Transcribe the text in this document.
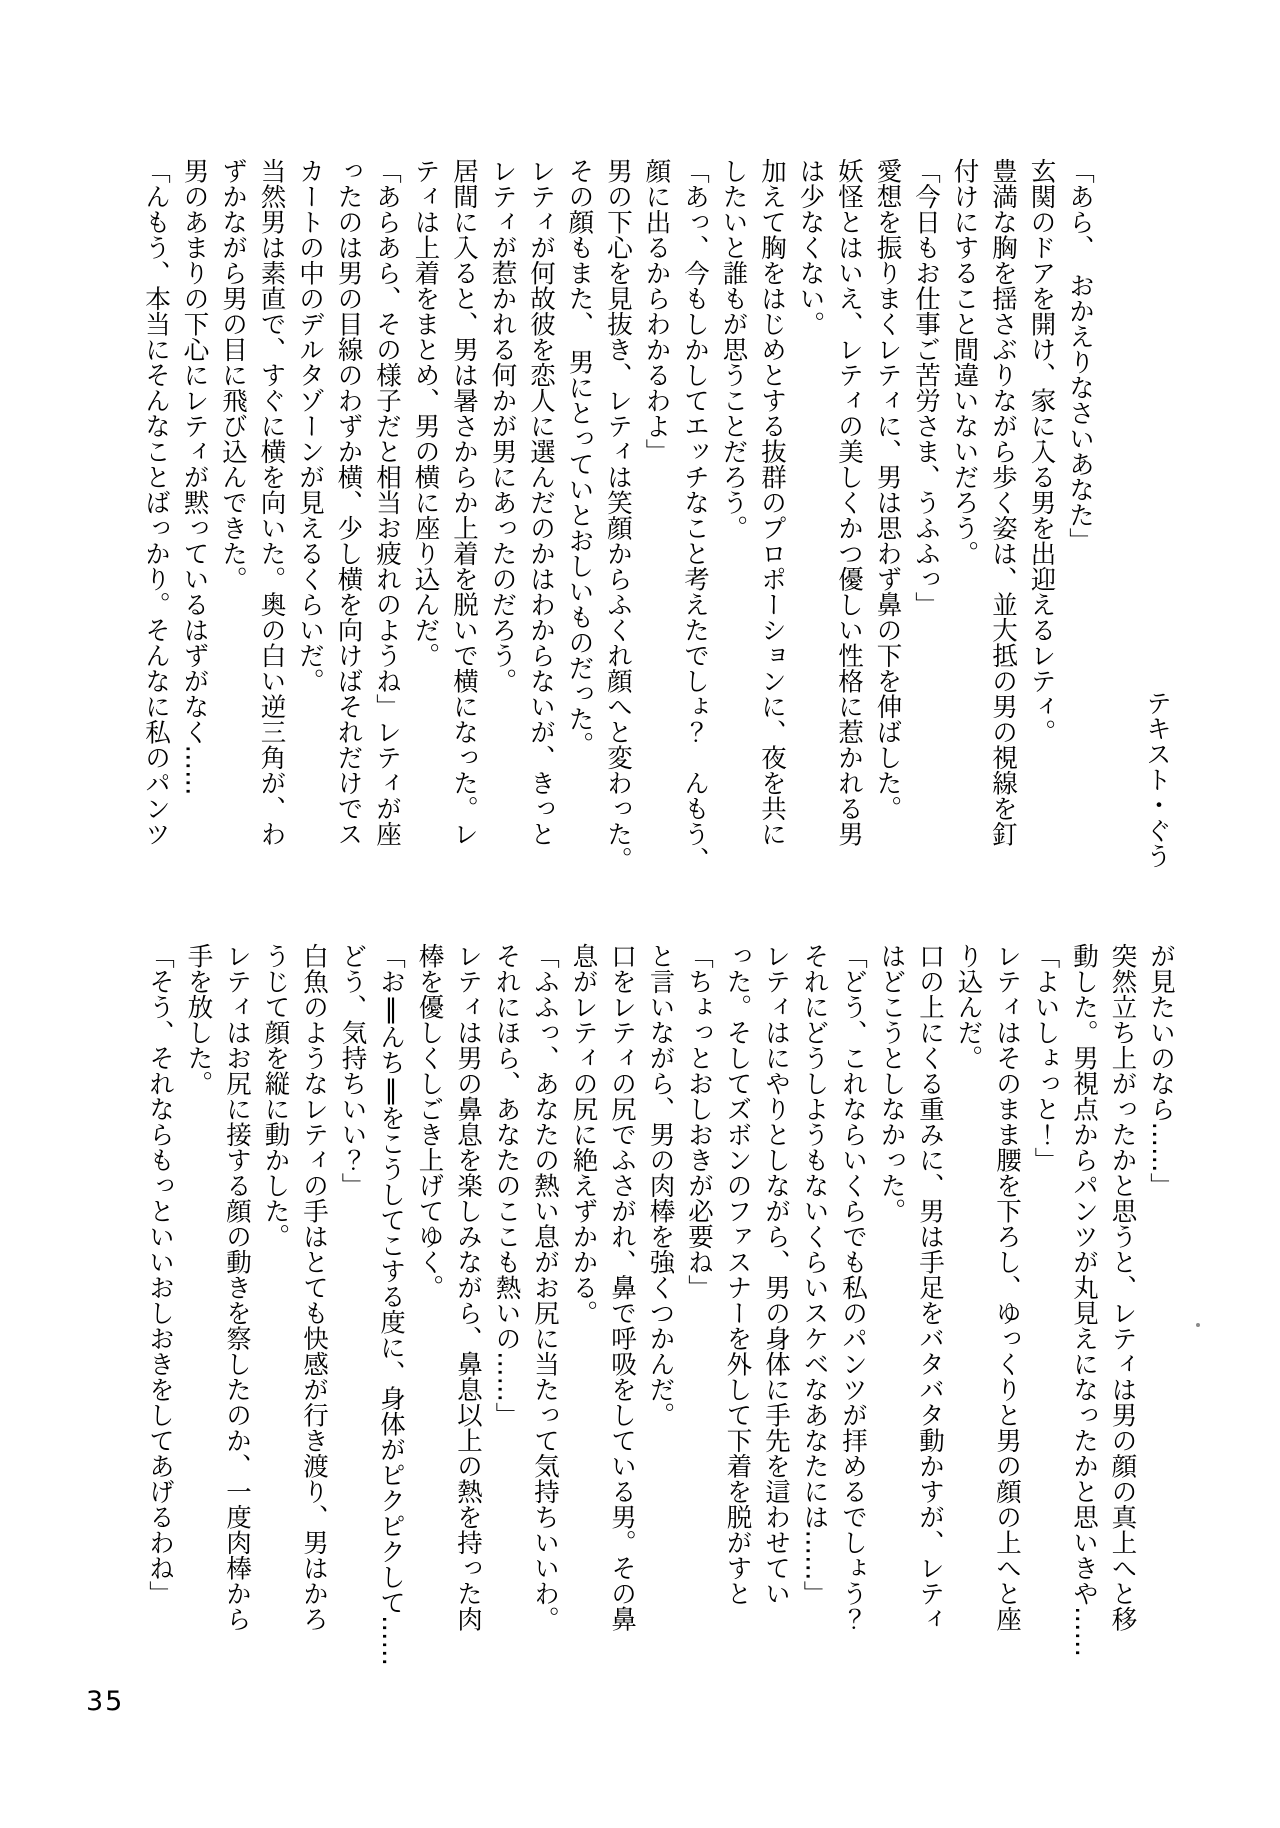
テキスト・ぐう
「あら、　おかえりなさいあなた」
玄関のドアを開け、家に入る男を出迎えるレティ。
豊満な胸を揺さぶりながら歩く姿は、並大抵の男の視線を釘
付けにすること間違いないだろう。
「今日もお仕事ご苦労さま、うふふっ」
愛想を振りまくレティに、男は思わず鼻の下を伸ばした。
妖怪とはいえ、レティの美しくかつ優しい性格に惹かれる男
は少なくない。
加えて胸をはじめとする抜群のプロポーションに、夜を共に
したいと誰もが思うことだろう。
「あっ、今もしかしてエッチなこと考えたでしょ？　んもう、
顔に出るからわかるわよ」
男の下心を見抜き、レティは笑顔からふくれ顔へと変わった。
その顔もまた、　男にとっていとおしいものだった。
レティが何故彼を恋人に選んだのかはわからないが、きっと
レティが惹かれる何かが男にあったのだろう。
居間に入ると、男は暑さからか上着を脱いで横になった。レ
ティは上着をまとめ、男の横に座り込んだ。
「あらあら、その様子だと相当お疲れのようね」レティが座
ったのは男の目線のわずか横、少し横を向けばそれだけでス
カートの中のデルタゾーンが見えるくらいだ。
当然男は素直で、すぐに横を向いた。奥の白い逆三角が、わ
ずかながら男の目に飛び込んできた。
男のあまりの下心にレティが黙っているはずがなく……
「んもう、本当にそんなことばっかり。そんなに私のパンツ
が見たいのなら……」
突然立ち上がったかと思うと、レティは男の顔の真上へと移
動した。男視点からパンツが丸見えになったかと思いきや……
「よいしょっと！」
レティはそのまま腰を下ろし、ゆっくりと男の顔の上へと座
り込んだ。
口の上にくる重みに、男は手足をバタバタ動かすが、レティ
はどこうとしなかった。
「どう、これならいくらでも私のパンツが拝めるでしょう？
それにどうしようもないくらいスケベなあなたには……」
レティはにやりとしながら、男の身体に手先を這わせてい
った。そしてズボンのファスナーを外して下着を脱がすと
「ちょっとおしおきが必要ね」
と言いながら、男の肉棒を強くつかんだ。
口をレティの尻でふさがれ、鼻で呼吸をしている男。その鼻
息がレティの尻に絶えずかかる。
「ふふっ、あなたの熱い息がお尻に当たって気持ちいいわ。
それにほら、あなたのここも熱いの……」
レティは男の鼻息を楽しみながら、鼻息以上の熱を持った肉
棒を優しくしごき上げてゆく。
「お‖んち‖をこうしてこする度に、身体がピクピクして……
どう、気持ちいい？」
白魚のようなレティの手はとても快感が行き渡り、男はかろ
うじて顔を縦に動かした。
レティはお尻に接する顔の動きを察したのか、一度肉棒から
手を放した。
「そう、それならもっといいおしおきをしてあげるわね」
35
